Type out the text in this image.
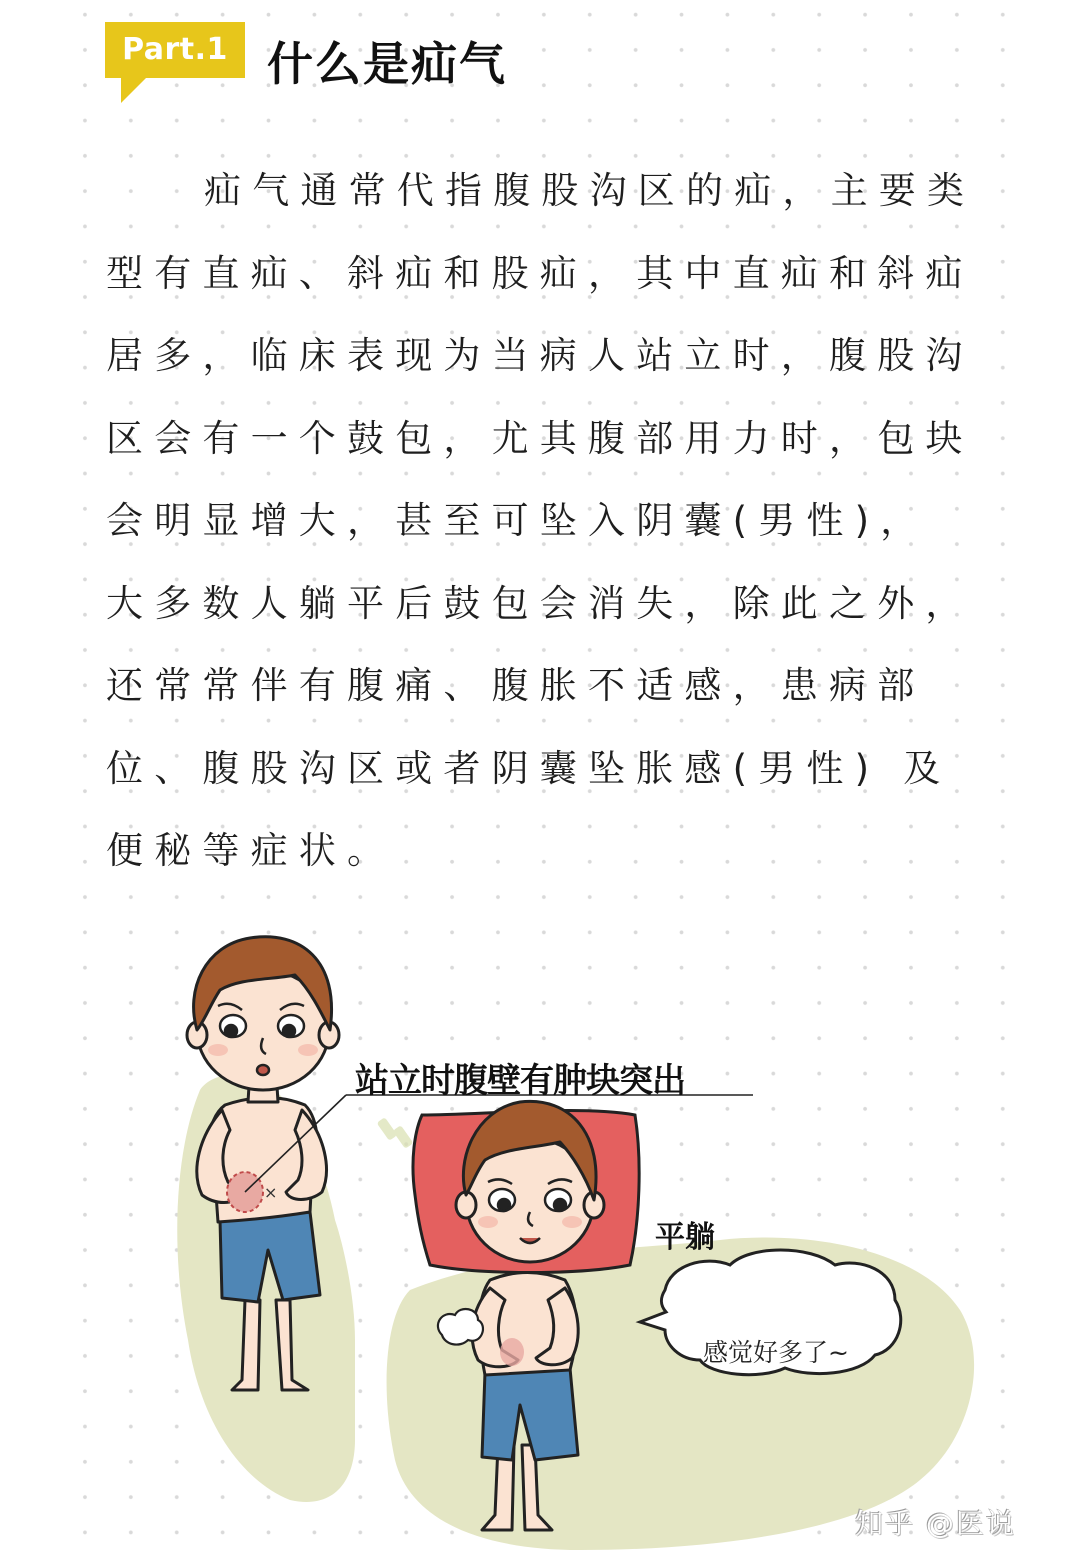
Part.1 什么是疝气
疝气通常代指腹股沟区的疝，主要类
型有直疝、斜疝和股疝，其中直疝和斜疝
居多，临床表现为当病人站立时，腹股沟
区会有一个鼓包，尤其腹部用力时，包块
会明显增大，甚至可坠入阴囊(男性)，
大多数人躺平后鼓包会消失，除此之外，
还常常伴有腹痛、腹胀不适感，患病部
位、腹股沟区或者阴囊坠胀感(男性) 及
便秘等症状。
×
站立时腹壁有肿块突出
平躺
感觉好多了~
知乎 @医说
